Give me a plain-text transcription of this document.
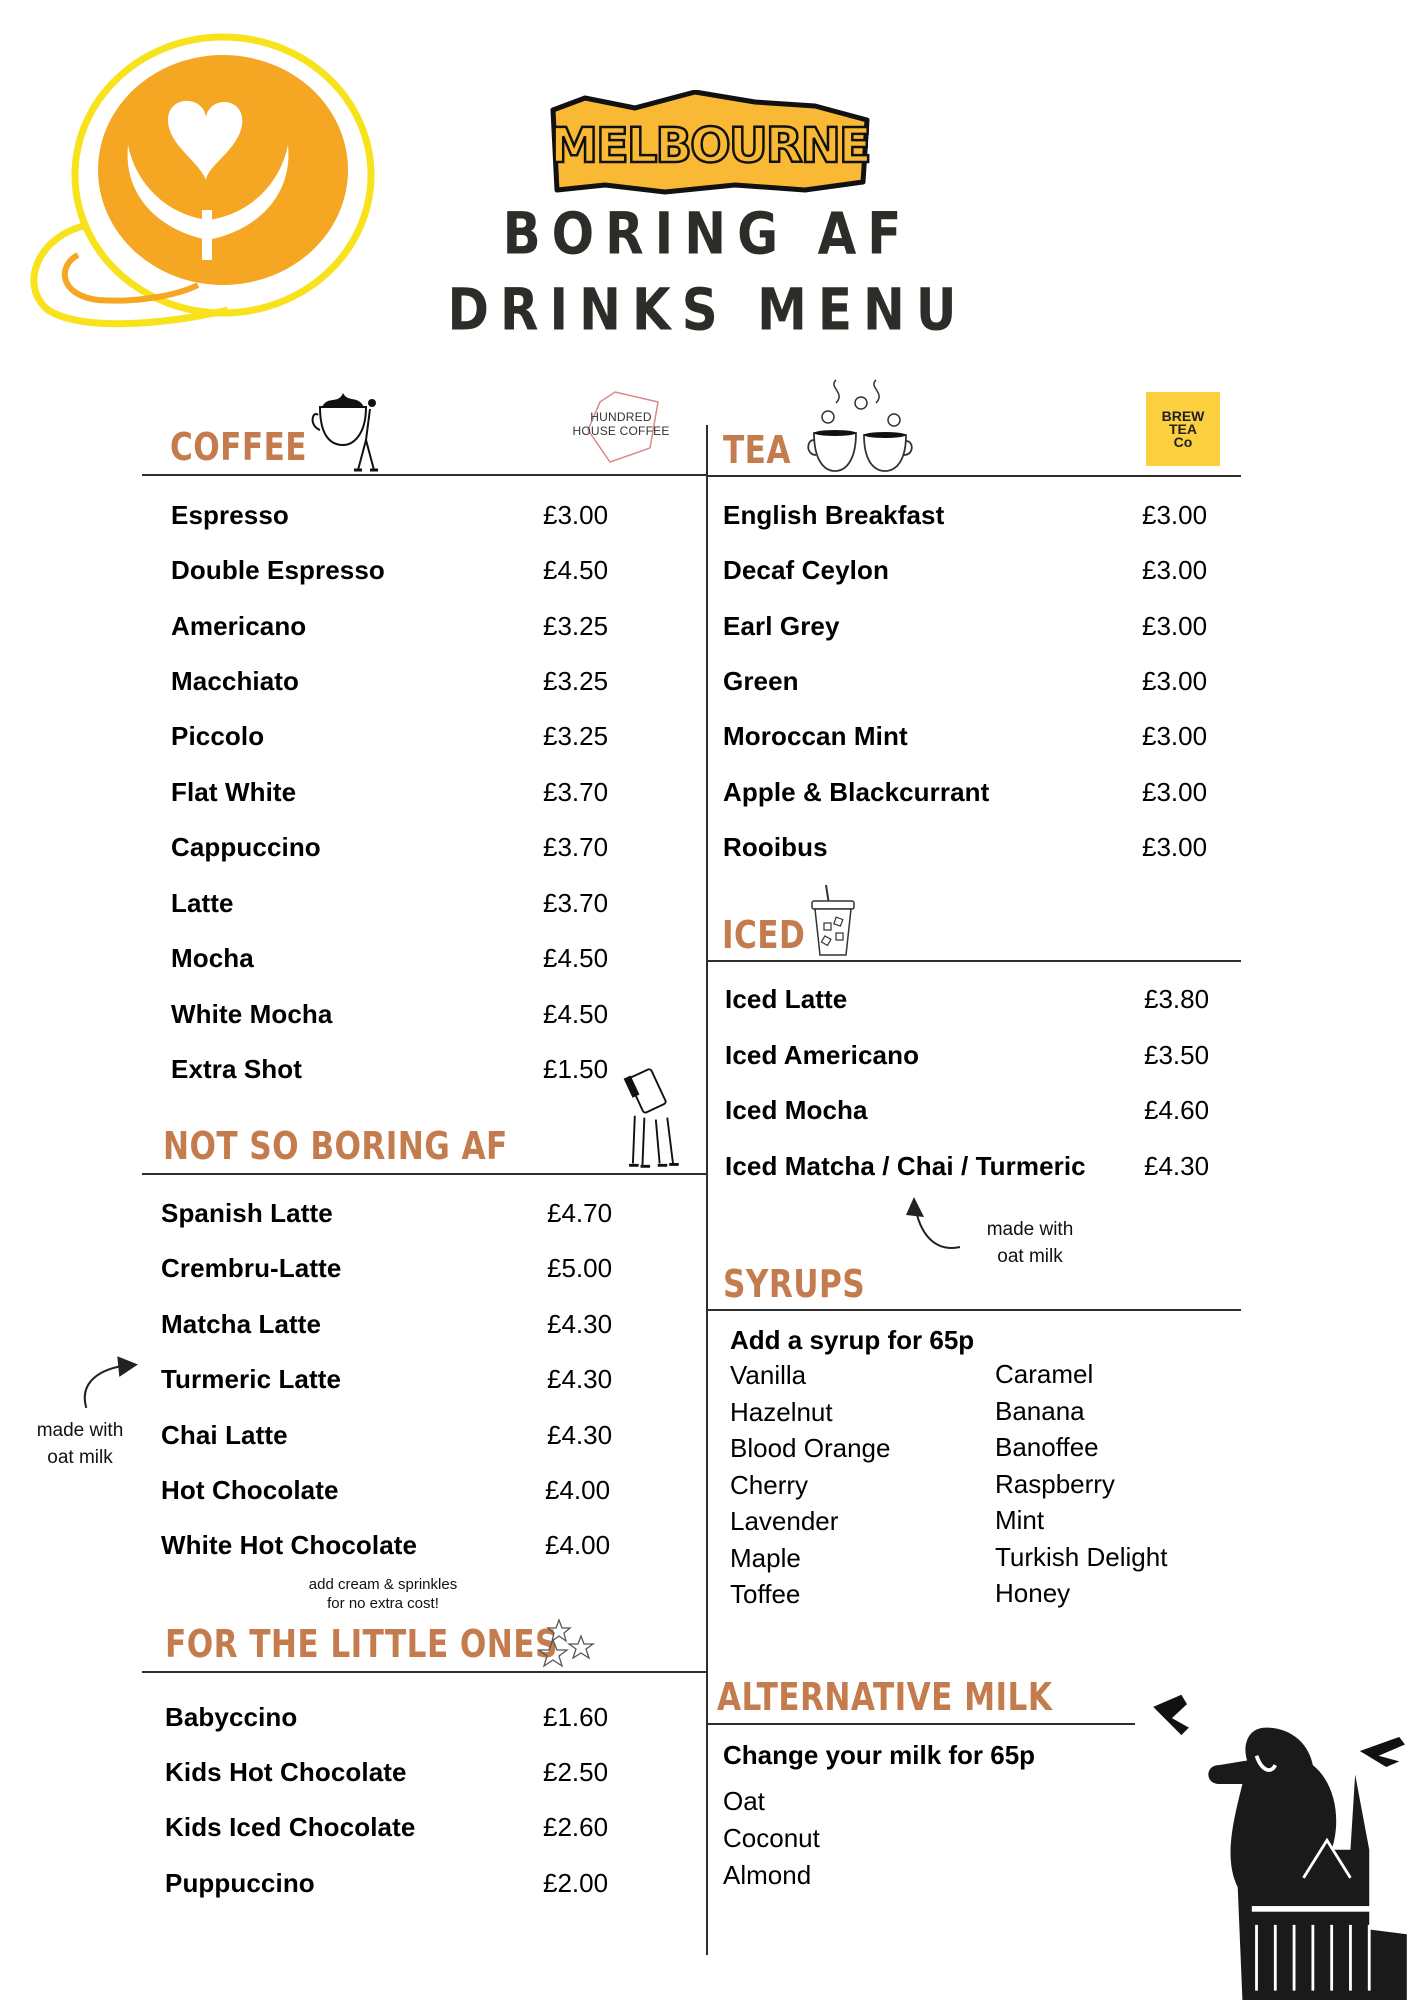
MELBOURNE
BORING AF
DRINKS MENU
COFFEE
HUNDRED
HOUSE COFFEE
Espresso	£3.00
Double Espresso	£4.50
Americano	£3.25
Macchiato	£3.25
Piccolo	£3.25
Flat White	£3.70
Cappuccino	£3.70
Latte	£3.70
Mocha	£4.50
White Mocha	£4.50
Extra Shot	£1.50
NOT SO BORING AF
Spanish Latte	£4.70
Crembru-Latte	£5.00
Matcha Latte	£4.30
Turmeric Latte	£4.30
Chai Latte	£4.30
Hot Chocolate	£4.00
White Hot Chocolate	£4.00
made with
oat milk
add cream & sprinkles
for no extra cost!
FOR THE LITTLE ONES
Babyccino	£1.60
Kids Hot Chocolate	£2.50
Kids Iced Chocolate	£2.60
Puppuccino	£2.00
TEA
BREW
TEA
Co
English Breakfast	£3.00
Decaf Ceylon	£3.00
Earl Grey	£3.00
Green	£3.00
Moroccan Mint	£3.00
Apple & Blackcurrant	£3.00
Rooibus	£3.00
ICED
Iced Latte	£3.80
Iced Americano	£3.50
Iced Mocha	£4.60
Iced Matcha / Chai / Turmeric £4.30
made with
oat milk
SYRUPS
Add a syrup for 65p
Vanilla
Hazelnut
Blood Orange
Cherry
Lavender
Maple
Toffee
Caramel
Banana
Banoffee
Raspberry
Mint
Turkish Delight
Honey
ALTERNATIVE MILK
Change your milk for 65p
Oat
Coconut
Almond
